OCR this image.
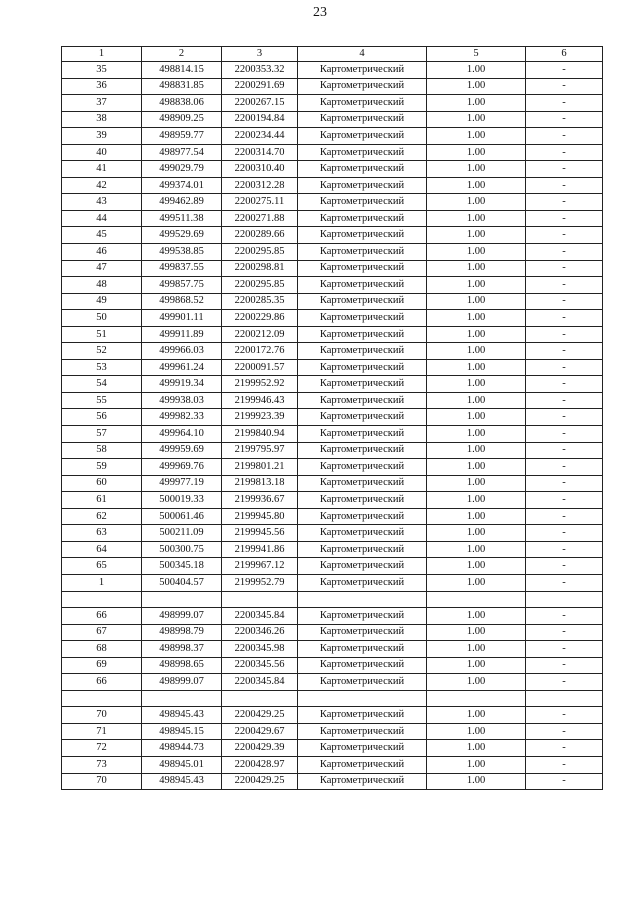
23
1	2	3	4	5	6
35	498814.15	2200353.32	Картометрический	1.00	-
36	498831.85	2200291.69	Картометрический	1.00	-
37	498838.06	2200267.15	Картометрический	1.00	-
38	498909.25	2200194.84	Картометрический	1.00	-
39	498959.77	2200234.44	Картометрический	1.00	-
40	498977.54	2200314.70	Картометрический	1.00	-
41	499029.79	2200310.40	Картометрический	1.00	-
42	499374.01	2200312.28	Картометрический	1.00	-
43	499462.89	2200275.11	Картометрический	1.00	-
44	499511.38	2200271.88	Картометрический	1.00	-
45	499529.69	2200289.66	Картометрический	1.00	-
46	499538.85	2200295.85	Картометрический	1.00	-
47	499837.55	2200298.81	Картометрический	1.00	-
48	499857.75	2200295.85	Картометрический	1.00	-
49	499868.52	2200285.35	Картометрический	1.00	-
50	499901.11	2200229.86	Картометрический	1.00	-
51	499911.89	2200212.09	Картометрический	1.00	-
52	499966.03	2200172.76	Картометрический	1.00	-
53	499961.24	2200091.57	Картометрический	1.00	-
54	499919.34	2199952.92	Картометрический	1.00	-
55	499938.03	2199946.43	Картометрический	1.00	-
56	499982.33	2199923.39	Картометрический	1.00	-
57	499964.10	2199840.94	Картометрический	1.00	-
58	499959.69	2199795.97	Картометрический	1.00	-
59	499969.76	2199801.21	Картометрический	1.00	-
60	499977.19	2199813.18	Картометрический	1.00	-
61	500019.33	2199936.67	Картометрический	1.00	-
62	500061.46	2199945.80	Картометрический	1.00	-
63	500211.09	2199945.56	Картометрический	1.00	-
64	500300.75	2199941.86	Картометрический	1.00	-
65	500345.18	2199967.12	Картометрический	1.00	-
1	500404.57	2199952.79	Картометрический	1.00	-

66	498999.07	2200345.84	Картометрический	1.00	-
67	498998.79	2200346.26	Картометрический	1.00	-
68	498998.37	2200345.98	Картометрический	1.00	-
69	498998.65	2200345.56	Картометрический	1.00	-
66	498999.07	2200345.84	Картометрический	1.00	-

70	498945.43	2200429.25	Картометрический	1.00	-
71	498945.15	2200429.67	Картометрический	1.00	-
72	498944.73	2200429.39	Картометрический	1.00	-
73	498945.01	2200428.97	Картометрический	1.00	-
70	498945.43	2200429.25	Картометрический	1.00	-
